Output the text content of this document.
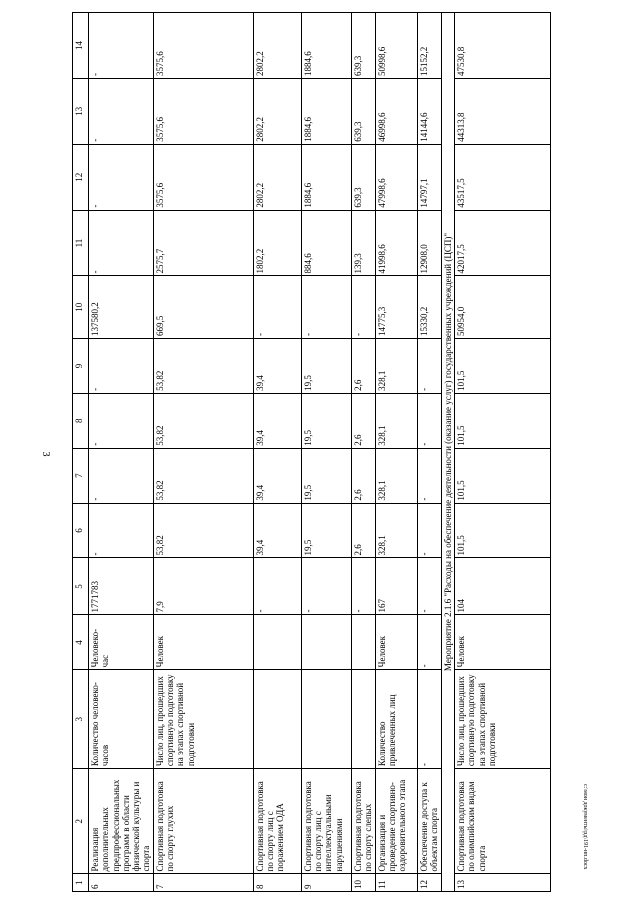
3
1	2	3	4	5	6	7	8	9	10	11	12	13	14
6	Реализация дополнительных предпрофессиональных программ в области физической культуры и спорта	Количество человеко-часов	Человеко-час	1771783	-	-	-	-	137580,2	-	-	-	-
7	Спортивная подготовка по спорту глухих	Число лиц, прошедших спортивную подготовку на этапах спортивной подготовки	Человек	7,9	53,82	53,82	53,82	53,82	669,5	2575,7	3575,6	3575,6	3575,6
8	Спортивная подготовка по спорту лиц с поражением ОДА			-	39,4	39,4	39,4	39,4	-	1802,2	2802,2	2802,2	2802,2
9	Спортивная подготовка по спорту лиц с интеллектуальными нарушениями			-	19,5	19,5	19,5	19,5	-	884,6	1884,6	1884,6	1884,6
10	Спортивная подготовка по спорту слепых			-	2,6	2,6	2,6	2,6	-	139,3	639,3	639,3	639,3
11	Организация и проведение спортивно-оздоровительного этапа	Количество привлеченных лиц	Человек	167	328,1	328,1	328,1	328,1	14775,3	41998,6	47998,6	46998,6	50998,6
12	Обеспечение доступа к объектам спорта	-	-	-	-	-	-	-	15330,2	12908,0	14797,1	14144,6	15152,2
Мероприятие 2.1.6 "Расходы на обеспечение деятельности (оказание услуг) государственных учреждений (ЦСП)"													
13	Спортивная подготовка по олимпийским видам спорта	Число лиц, прошедших спортивную подготовку на этапах спортивной подготовки	Человек	104	101,5	101,5	101,5	101,5	50954,0	42017,5	43517,5	44313,8	47530,8
c:\мои документы\рд\191-нп.docx
